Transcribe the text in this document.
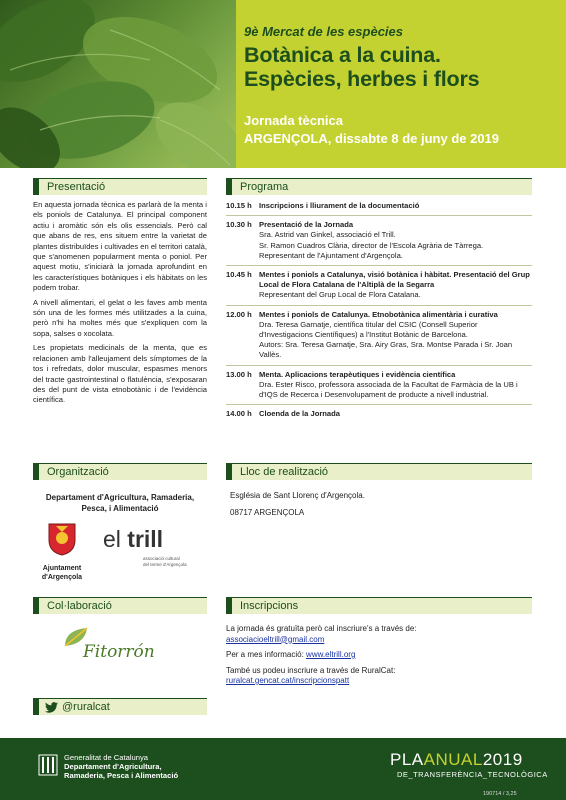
9è Mercat de les espècies
Botànica a la cuina.
Espècies, herbes i flors
Jornada tècnica
ARGENÇOLA, dissabte 8 de juny de 2019
Presentació

En aquesta jornada tècnica es parlarà de la menta i els poniols de Catalunya. El principal component actiu i aromàtic són els olis essencials. Però cal que abans de res, ens situem entre la varietat de plantes distribuïdes i cultivades en el territori català, que s'anomenen popularment menta o poniol. Per aquest motiu, s'iniciarà la jornada aprofundint en les característiques botàniques i els hàbitats on les podem trobar.

A nivell alimentari, el gelat o les faves amb menta són una de les formes més utilitzades a la cuina, però n'hi ha moltes més que s'expliquen com la sopa, salses o xocolata.

Les propietats medicinals de la menta, que es relacionen amb l'alleujament dels símptomes de la tos i refredats, dolor muscular, espasmes menors del tracte gastrointestinal o flatulència, s'exposaran des del punt de vista etnobotànic i de l'evidència científica.

Programa
10.15 h Inscripcions i lliurament de la documentació
10.30 h Presentació de la Jornada
Sra. Astrid van Ginkel, associació el Trill.
Sr. Ramon Cuadros Clària, director de l'Escola Agrària de Tàrrega.
Representant de l'Ajuntament d'Argençola.
10.45 h Mentes i poniols a Catalunya, visió botànica i hàbitat. Presentació del Grup Local de Flora Catalana de l'Altiplà de la Segarra
Representant del Grup Local de Flora Catalana.
12.00 h Mentes i poniols de Catalunya. Etnobotànica alimentària i curativa
Dra. Teresa Garnatje, científica titular del CSIC (Consell Superior d'Investigacions Científiques) a l'Institut Botànic de Barcelona.
Autors: Sra. Teresa Garnatje, Sra. Airy Gras, Sra. Montse Parada i Sr. Joan Vallès.
13.00 h Menta. Aplicacions terapèutiques i evidència científica
Dra. Ester Risco, professora associada de la Facultat de Farmàcia de la UB i d'IQS de Recerca i Desenvolupament de producte a nivell industrial.
14.00 h Cloenda de la Jornada
Organització
Departament d'Agricultura, Ramaderia, Pesca, i Alimentació
Ajuntament
d'Argençola
el trill
associació cultural
del terme d'Argençola
Lloc de realització
Església de Sant Llorenç d'Argençola.
08717 ARGENÇOLA
Col·laboració
Fitorrón
Inscripcions

La jornada és gratuïta però cal inscriure's a través de:
associacioeltrill@gmail.com

Per a mes informació: www.eltrill.org

També us podeu inscriure a través de RuralCat:
ruralcat.gencat.cat/inscripcionspatt

@ruralcat
Generalitat de Catalunya
Departament d'Agricultura,
Ramaderia, Pesca i Alimentació
PLAANUAL2019
DE_TRANSFERÈNCIA_TECNOLÒGICA
190714 / 3,25
